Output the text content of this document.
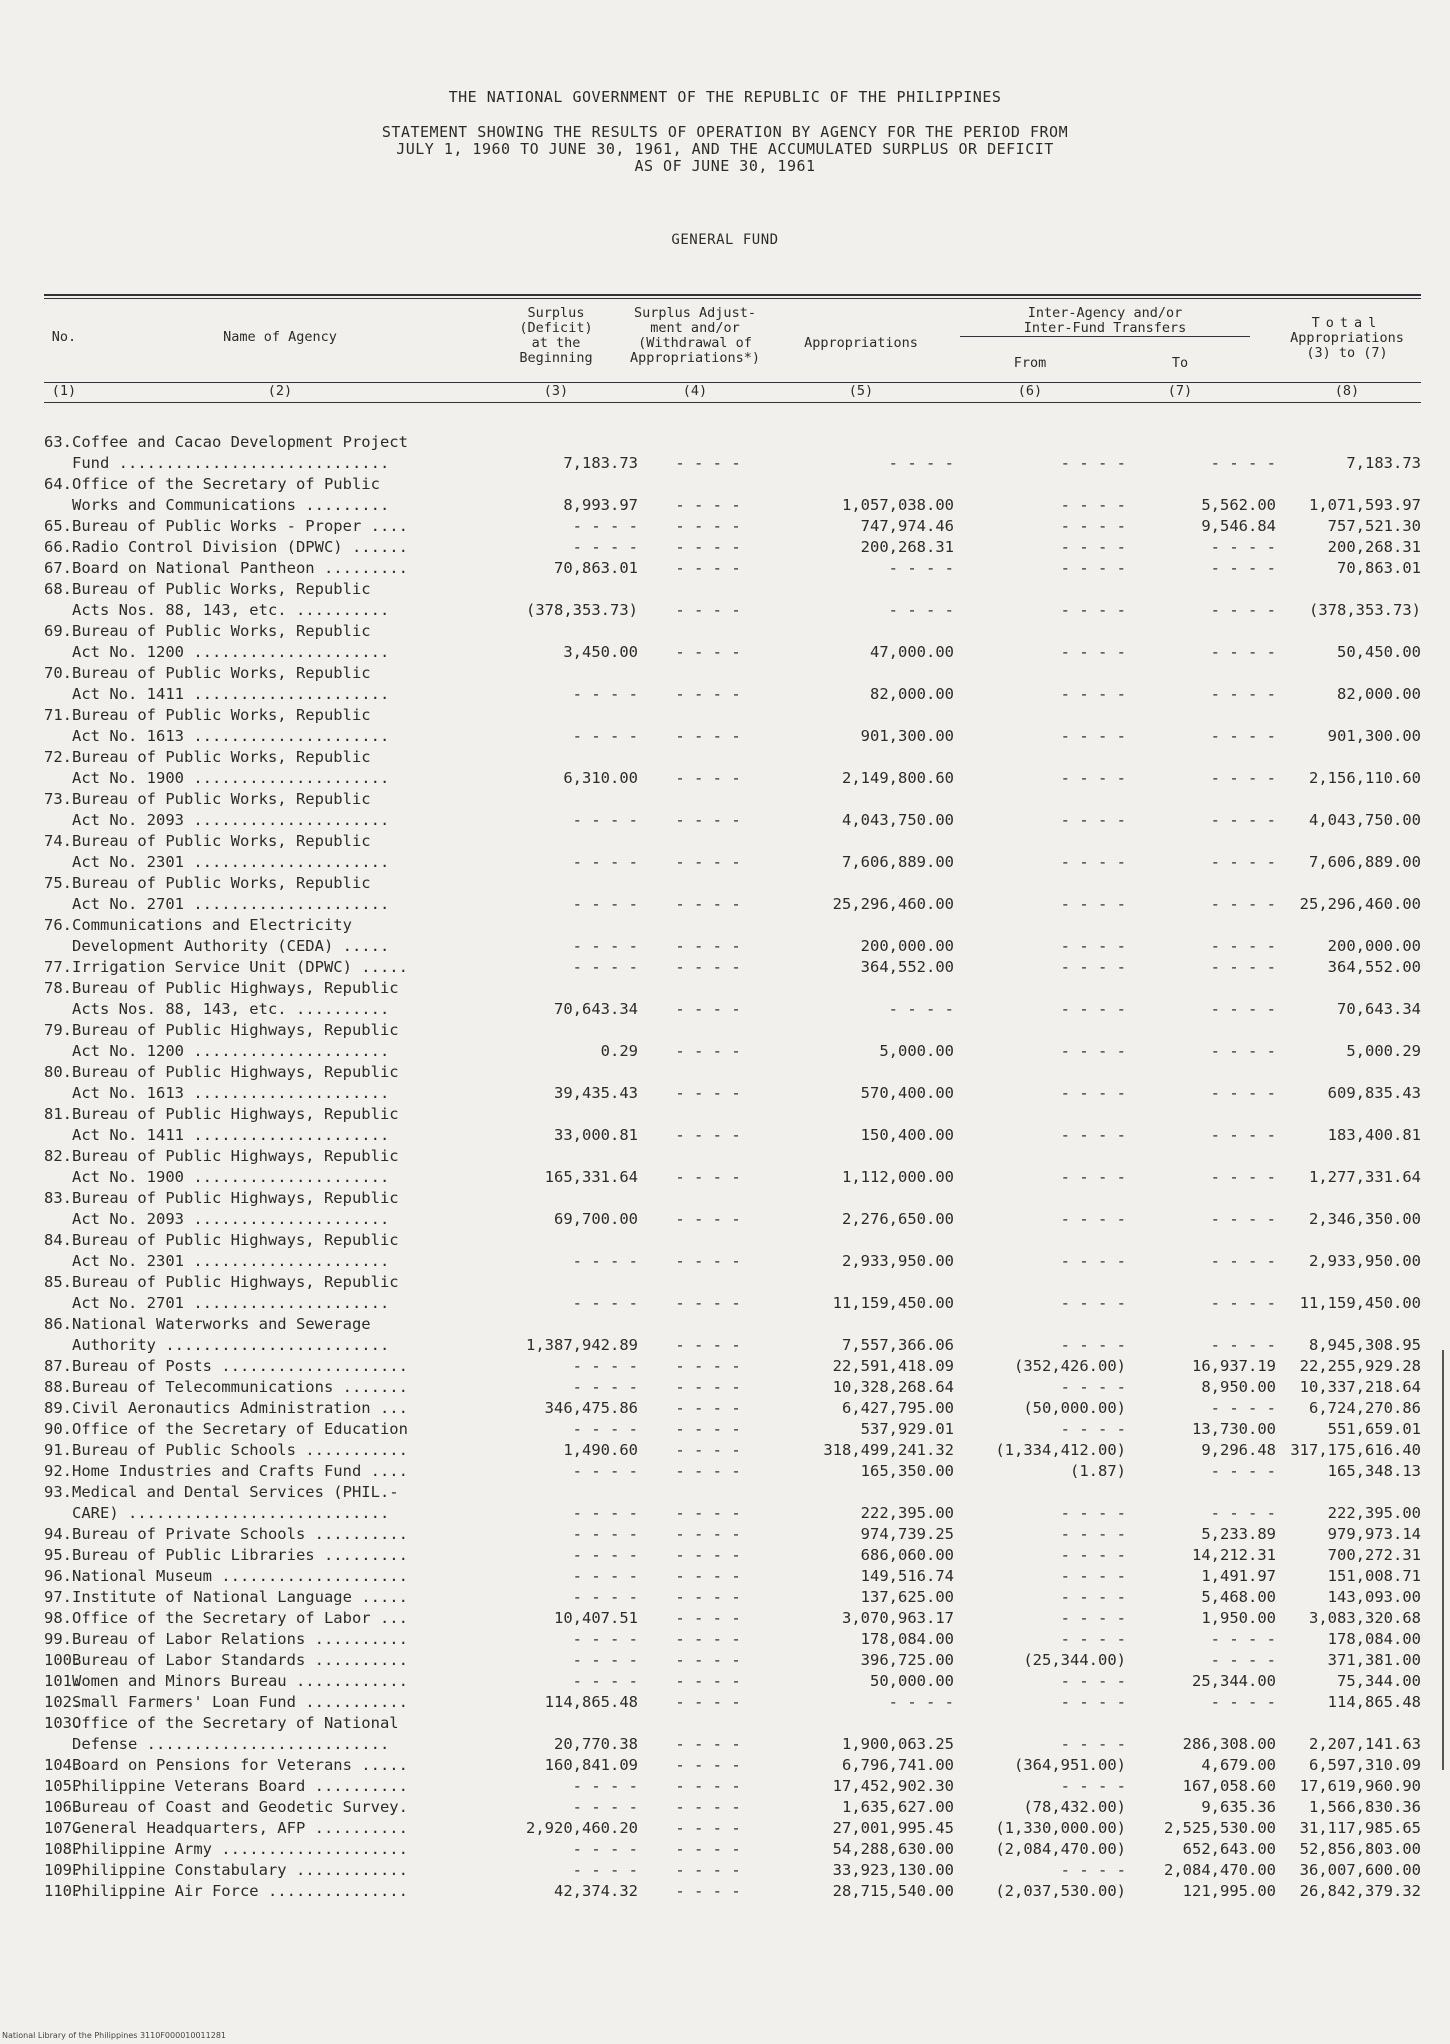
THE NATIONAL GOVERNMENT OF THE REPUBLIC OF THE PHILIPPINES
STATEMENT SHOWING THE RESULTS OF OPERATION BY AGENCY FOR THE PERIOD FROM
JULY 1, 1960 TO JUNE 30, 1961, AND THE ACCUMULATED SURPLUS OR DEFICIT
AS OF JUNE 30, 1961
GENERAL FUND
No.	Name of Agency
Surplus
(Deficit)
at the
Beginning
Surplus Adjust-
ment and/or
(Withdrawal of
Appropriations*)
Appropriations
Inter-Agency and/or
Inter-Fund Transfers
From	To
Total
Appropriations
(3) to (7)
(1)	(2)	(3)	(4)	(5)	(6)	(7)	(8)
63.	Coffee and Cacao Development Project						
	Fund .............................	7,183.73	- - - -	- - - -	- - - -	- - - -	7,183.73
64.	Office of the Secretary of Public						
	Works and Communications .........	8,993.97	- - - -	1,057,038.00	- - - -	5,562.00	1,071,593.97
65.	Bureau of Public Works - Proper ....	- - - -	- - - -	747,974.46	- - - -	9,546.84	757,521.30
66.	Radio Control Division (DPWC) ......	- - - -	- - - -	200,268.31	- - - -	- - - -	200,268.31
67.	Board on National Pantheon .........	70,863.01	- - - -	- - - -	- - - -	- - - -	70,863.01
68.	Bureau of Public Works, Republic						
	Acts Nos. 88, 143, etc. ..........	(378,353.73)	- - - -	- - - -	- - - -	- - - -	(378,353.73)
69.	Bureau of Public Works, Republic						
	Act No. 1200 .....................	3,450.00	- - - -	47,000.00	- - - -	- - - -	50,450.00
70.	Bureau of Public Works, Republic						
	Act No. 1411 .....................	- - - -	- - - -	82,000.00	- - - -	- - - -	82,000.00
71.	Bureau of Public Works, Republic						
	Act No. 1613 .....................	- - - -	- - - -	901,300.00	- - - -	- - - -	901,300.00
72.	Bureau of Public Works, Republic						
	Act No. 1900 .....................	6,310.00	- - - -	2,149,800.60	- - - -	- - - -	2,156,110.60
73.	Bureau of Public Works, Republic						
	Act No. 2093 .....................	- - - -	- - - -	4,043,750.00	- - - -	- - - -	4,043,750.00
74.	Bureau of Public Works, Republic						
	Act No. 2301 .....................	- - - -	- - - -	7,606,889.00	- - - -	- - - -	7,606,889.00
75.	Bureau of Public Works, Republic						
	Act No. 2701 .....................	- - - -	- - - -	25,296,460.00	- - - -	- - - -	25,296,460.00
76.	Communications and Electricity						
	Development Authority (CEDA) .....	- - - -	- - - -	200,000.00	- - - -	- - - -	200,000.00
77.	Irrigation Service Unit (DPWC) .....	- - - -	- - - -	364,552.00	- - - -	- - - -	364,552.00
78.	Bureau of Public Highways, Republic						
	Acts Nos. 88, 143, etc. ..........	70,643.34	- - - -	- - - -	- - - -	- - - -	70,643.34
79.	Bureau of Public Highways, Republic						
	Act No. 1200 .....................	0.29	- - - -	5,000.00	- - - -	- - - -	5,000.29
80.	Bureau of Public Highways, Republic						
	Act No. 1613 .....................	39,435.43	- - - -	570,400.00	- - - -	- - - -	609,835.43
81.	Bureau of Public Highways, Republic						
	Act No. 1411 .....................	33,000.81	- - - -	150,400.00	- - - -	- - - -	183,400.81
82.	Bureau of Public Highways, Republic						
	Act No. 1900 .....................	165,331.64	- - - -	1,112,000.00	- - - -	- - - -	1,277,331.64
83.	Bureau of Public Highways, Republic						
	Act No. 2093 .....................	69,700.00	- - - -	2,276,650.00	- - - -	- - - -	2,346,350.00
84.	Bureau of Public Highways, Republic						
	Act No. 2301 .....................	- - - -	- - - -	2,933,950.00	- - - -	- - - -	2,933,950.00
85.	Bureau of Public Highways, Republic						
	Act No. 2701 .....................	- - - -	- - - -	11,159,450.00	- - - -	- - - -	11,159,450.00
86.	National Waterworks and Sewerage						
	Authority ........................	1,387,942.89	- - - -	7,557,366.06	- - - -	- - - -	8,945,308.95
87.	Bureau of Posts ....................	- - - -	- - - -	22,591,418.09	(352,426.00)	16,937.19	22,255,929.28
88.	Bureau of Telecommunications .......	- - - -	- - - -	10,328,268.64	- - - -	8,950.00	10,337,218.64
89.	Civil Aeronautics Administration ...	346,475.86	- - - -	6,427,795.00	(50,000.00)	- - - -	6,724,270.86
90.	Office of the Secretary of Education	- - - -	- - - -	537,929.01	- - - -	13,730.00	551,659.01
91.	Bureau of Public Schools ...........	1,490.60	- - - -	318,499,241.32	(1,334,412.00)	9,296.48	317,175,616.40
92.	Home Industries and Crafts Fund ....	- - - -	- - - -	165,350.00	(1.87)	- - - -	165,348.13
93.	Medical and Dental Services (PHIL.-						
	CARE) ............................	- - - -	- - - -	222,395.00	- - - -	- - - -	222,395.00
94.	Bureau of Private Schools ..........	- - - -	- - - -	974,739.25	- - - -	5,233.89	979,973.14
95.	Bureau of Public Libraries .........	- - - -	- - - -	686,060.00	- - - -	14,212.31	700,272.31
96.	National Museum ....................	- - - -	- - - -	149,516.74	- - - -	1,491.97	151,008.71
97.	Institute of National Language .....	- - - -	- - - -	137,625.00	- - - -	5,468.00	143,093.00
98.	Office of the Secretary of Labor ...	10,407.51	- - - -	3,070,963.17	- - - -	1,950.00	3,083,320.68
99.	Bureau of Labor Relations ..........	- - - -	- - - -	178,084.00	- - - -	- - - -	178,084.00
100.	Bureau of Labor Standards ..........	- - - -	- - - -	396,725.00	(25,344.00)	- - - -	371,381.00
101.	Women and Minors Bureau ............	- - - -	- - - -	50,000.00	- - - -	25,344.00	75,344.00
102.	Small Farmers' Loan Fund ...........	114,865.48	- - - -	- - - -	- - - -	- - - -	114,865.48
103.	Office of the Secretary of National						
	Defense ..........................	20,770.38	- - - -	1,900,063.25	- - - -	286,308.00	2,207,141.63
104.	Board on Pensions for Veterans .....	160,841.09	- - - -	6,796,741.00	(364,951.00)	4,679.00	6,597,310.09
105.	Philippine Veterans Board ..........	- - - -	- - - -	17,452,902.30	- - - -	167,058.60	17,619,960.90
106.	Bureau of Coast and Geodetic Survey.	- - - -	- - - -	1,635,627.00	(78,432.00)	9,635.36	1,566,830.36
107.	General Headquarters, AFP ..........	2,920,460.20	- - - -	27,001,995.45	(1,330,000.00)	2,525,530.00	31,117,985.65
108.	Philippine Army ....................	- - - -	- - - -	54,288,630.00	(2,084,470.00)	652,643.00	52,856,803.00
109.	Philippine Constabulary ............	- - - -	- - - -	33,923,130.00	- - - -	2,084,470.00	36,007,600.00
110.	Philippine Air Force ...............	42,374.32	- - - -	28,715,540.00	(2,037,530.00)	121,995.00	26,842,379.32
National Library of the Philippines 3110F000010011281
